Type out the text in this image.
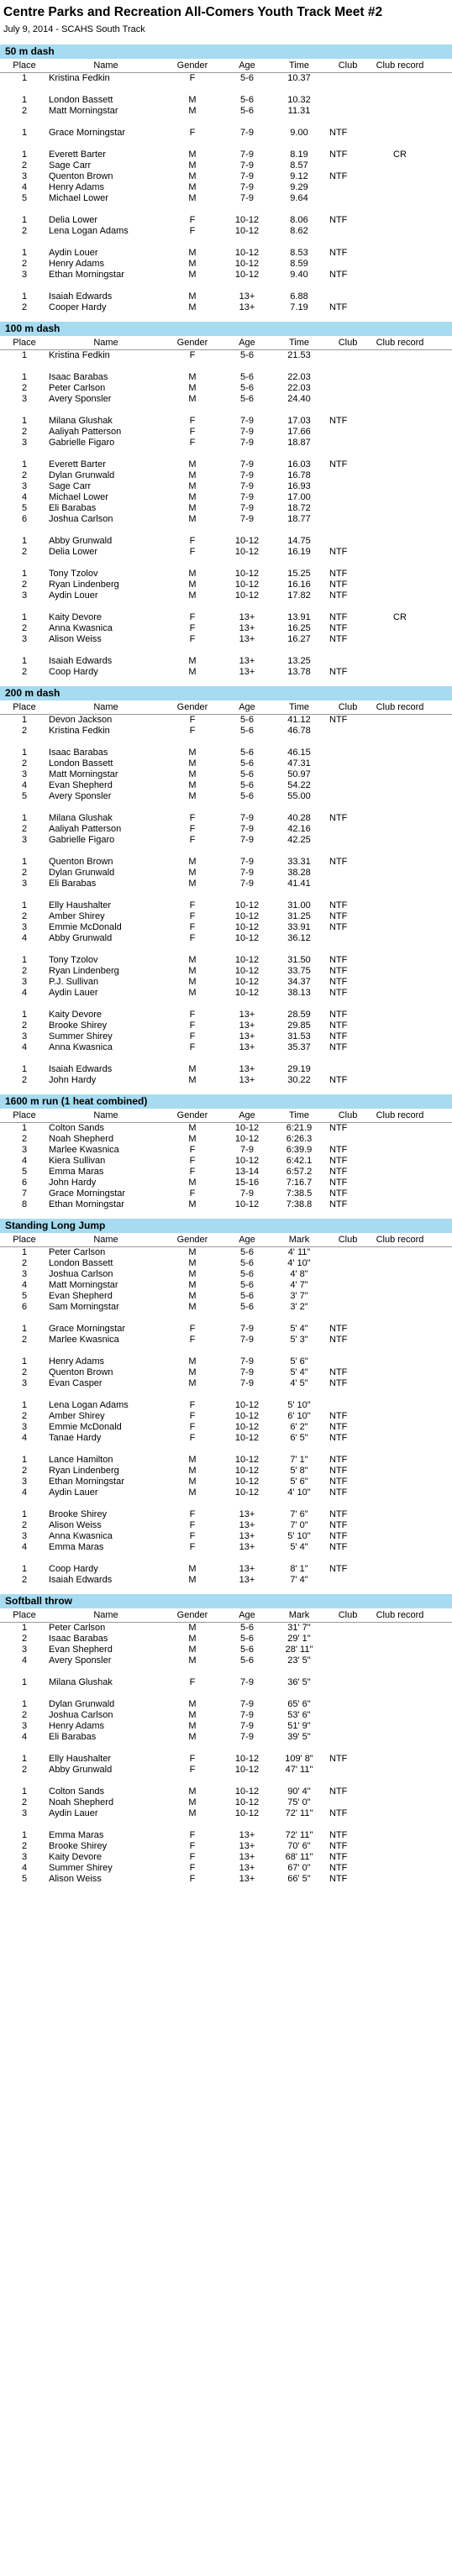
Centre Parks and Recreation All-Comers Youth Track Meet #2
July 9, 2014 - SCAHS South Track
50 m dash
Place	Name	Gender	Age	Time	Club	Club record
1	Kristina Fedkin	F	5-6	10.37
1	London Bassett	M	5-6	10.32
2	Matt Morningstar	M	5-6	11.31
1	Grace Morningstar	F	7-9	9.00	NTF
1	Everett Barter	M	7-9	8.19	NTF	CR
2	Sage Carr	M	7-9	8.57
3	Quenton Brown	M	7-9	9.12	NTF
4	Henry Adams	M	7-9	9.29
5	Michael Lower	M	7-9	9.64
1	Delia Lower	F	10-12	8.06	NTF
2	Lena Logan Adams	F	10-12	8.62
1	Aydin Louer	M	10-12	8.53	NTF
2	Henry Adams	M	10-12	8.59
3	Ethan Morningstar	M	10-12	9.40	NTF
1	Isaiah Edwards	M	13+	6.88
2	Cooper Hardy	M	13+	7.19	NTF
100 m dash
Place	Name	Gender	Age	Time	Club	Club record
1	Kristina Fedkin	F	5-6	21.53
1	Isaac Barabas	M	5-6	22.03
2	Peter Carlson	M	5-6	22.03
3	Avery Sponsler	M	5-6	24.40
1	Milana Glushak	F	7-9	17.03	NTF
2	Aaliyah Patterson	F	7-9	17.66
3	Gabrielle Figaro	F	7-9	18.87
1	Everett Barter	M	7-9	16.03	NTF
2	Dylan Grunwald	M	7-9	16.78
3	Sage Carr	M	7-9	16.93
4	Michael Lower	M	7-9	17.00
5	Eli Barabas	M	7-9	18.72
6	Joshua Carlson	M	7-9	18.77
1	Abby Grunwald	F	10-12	14.75
2	Delia Lower	F	10-12	16.19	NTF
1	Tony Tzolov	M	10-12	15.25	NTF
2	Ryan Lindenberg	M	10-12	16.16	NTF
3	Aydin Louer	M	10-12	17.82	NTF
1	Kaity Devore	F	13+	13.91	NTF	CR
2	Anna Kwasnica	F	13+	16.25	NTF
3	Alison Weiss	F	13+	16.27	NTF
1	Isaiah Edwards	M	13+	13.25
2	Coop Hardy	M	13+	13.78	NTF
200 m dash
Place	Name	Gender	Age	Time	Club	Club record
1	Devon Jackson	F	5-6	41.12	NTF
2	Kristina Fedkin	F	5-6	46.78
1	Isaac Barabas	M	5-6	46.15
2	London Bassett	M	5-6	47.31
3	Matt Morningstar	M	5-6	50.97
4	Evan Shepherd	M	5-6	54.22
5	Avery Sponsler	M	5-6	55.00
1	Milana Glushak	F	7-9	40.28	NTF
2	Aaliyah Patterson	F	7-9	42.16
3	Gabrielle Figaro	F	7-9	42.25
1	Quenton Brown	M	7-9	33.31	NTF
2	Dylan Grunwald	M	7-9	38.28
3	Eli Barabas	M	7-9	41.41
1	Elly Haushalter	F	10-12	31.00	NTF
2	Amber Shirey	F	10-12	31.25	NTF
3	Emmie McDonald	F	10-12	33.91	NTF
4	Abby Grunwald	F	10-12	36.12
1	Tony Tzolov	M	10-12	31.50	NTF
2	Ryan Lindenberg	M	10-12	33.75	NTF
3	P.J. Sullivan	M	10-12	34.37	NTF
4	Aydin Lauer	M	10-12	38.13	NTF
1	Kaity Devore	F	13+	28.59	NTF
2	Brooke Shirey	F	13+	29.85	NTF
3	Summer Shirey	F	13+	31.53	NTF
4	Anna Kwasnica	F	13+	35.37	NTF
1	Isaiah Edwards	M	13+	29.19
2	John Hardy	M	13+	30.22	NTF
1600 m run (1 heat combined)
Place	Name	Gender	Age	Time	Club	Club record
1	Colton Sands	M	10-12	6:21.9	NTF
2	Noah Shepherd	M	10-12	6:26.3
3	Marlee Kwasnica	F	7-9	6:39.9	NTF
4	Kiera Sullivan	F	10-12	6:42.1	NTF
5	Emma Maras	F	13-14	6:57.2	NTF
6	John Hardy	M	15-16	7:16.7	NTF
7	Grace Morningstar	F	7-9	7:38.5	NTF
8	Ethan Morningstar	M	10-12	7:38.8	NTF
Standing Long Jump
Place	Name	Gender	Age	Mark	Club	Club record
1	Peter Carlson	M	5-6	4' 11"
2	London Bassett	M	5-6	4' 10"
3	Joshua Carlson	M	5-6	4' 8"
4	Matt Morningstar	M	5-6	4' 7"
5	Evan Shepherd	M	5-6	3' 7"
6	Sam Morningstar	M	5-6	3' 2"
1	Grace Morningstar	F	7-9	5' 4"	NTF
2	Marlee Kwasnica	F	7-9	5' 3"	NTF
1	Henry Adams	M	7-9	5' 6"
2	Quenton Brown	M	7-9	5' 4"	NTF
3	Evan Casper	M	7-9	4' 5"	NTF
1	Lena Logan Adams	F	10-12	5' 10"
2	Amber Shirey	F	10-12	6' 10"	NTF
3	Emmie McDonald	F	10-12	6' 2"	NTF
4	Tanae Hardy	F	10-12	6' 5"	NTF
1	Lance Hamilton	M	10-12	7' 1"	NTF
2	Ryan Lindenberg	M	10-12	5' 8"	NTF
3	Ethan Morningstar	M	10-12	5' 6"	NTF
4	Aydin Lauer	M	10-12	4' 10"	NTF
1	Brooke Shirey	F	13+	7' 6"	NTF
2	Alison Weiss	F	13+	7' 0"	NTF
3	Anna Kwasnica	F	13+	5' 10"	NTF
4	Emma Maras	F	13+	5' 4"	NTF
1	Coop Hardy	M	13+	8' 1"	NTF
2	Isaiah Edwards	M	13+	7' 4"
Softball throw
Place	Name	Gender	Age	Mark	Club	Club record
1	Peter Carlson	M	5-6	31' 7"
2	Isaac Barabas	M	5-6	29' 1"
3	Evan Shepherd	M	5-6	28' 11"
4	Avery Sponsler	M	5-6	23' 5"
1	Milana Glushak	F	7-9	36' 5"
1	Dylan Grunwald	M	7-9	65' 6"
2	Joshua Carlson	M	7-9	53' 6"
3	Henry Adams	M	7-9	51' 9"
4	Eli Barabas	M	7-9	39' 5"
1	Elly Haushalter	F	10-12	109' 8"	NTF
2	Abby Grunwald	F	10-12	47' 11"
1	Colton Sands	M	10-12	90' 4"	NTF
2	Noah Shepherd	M	10-12	75' 0"
3	Aydin Lauer	M	10-12	72' 11"	NTF
1	Emma Maras	F	13+	72' 11"	NTF
2	Brooke Shirey	F	13+	70' 6"	NTF
3	Kaity Devore	F	13+	68' 11"	NTF
4	Summer Shirey	F	13+	67' 0"	NTF
5	Alison Weiss	F	13+	66' 5"	NTF
